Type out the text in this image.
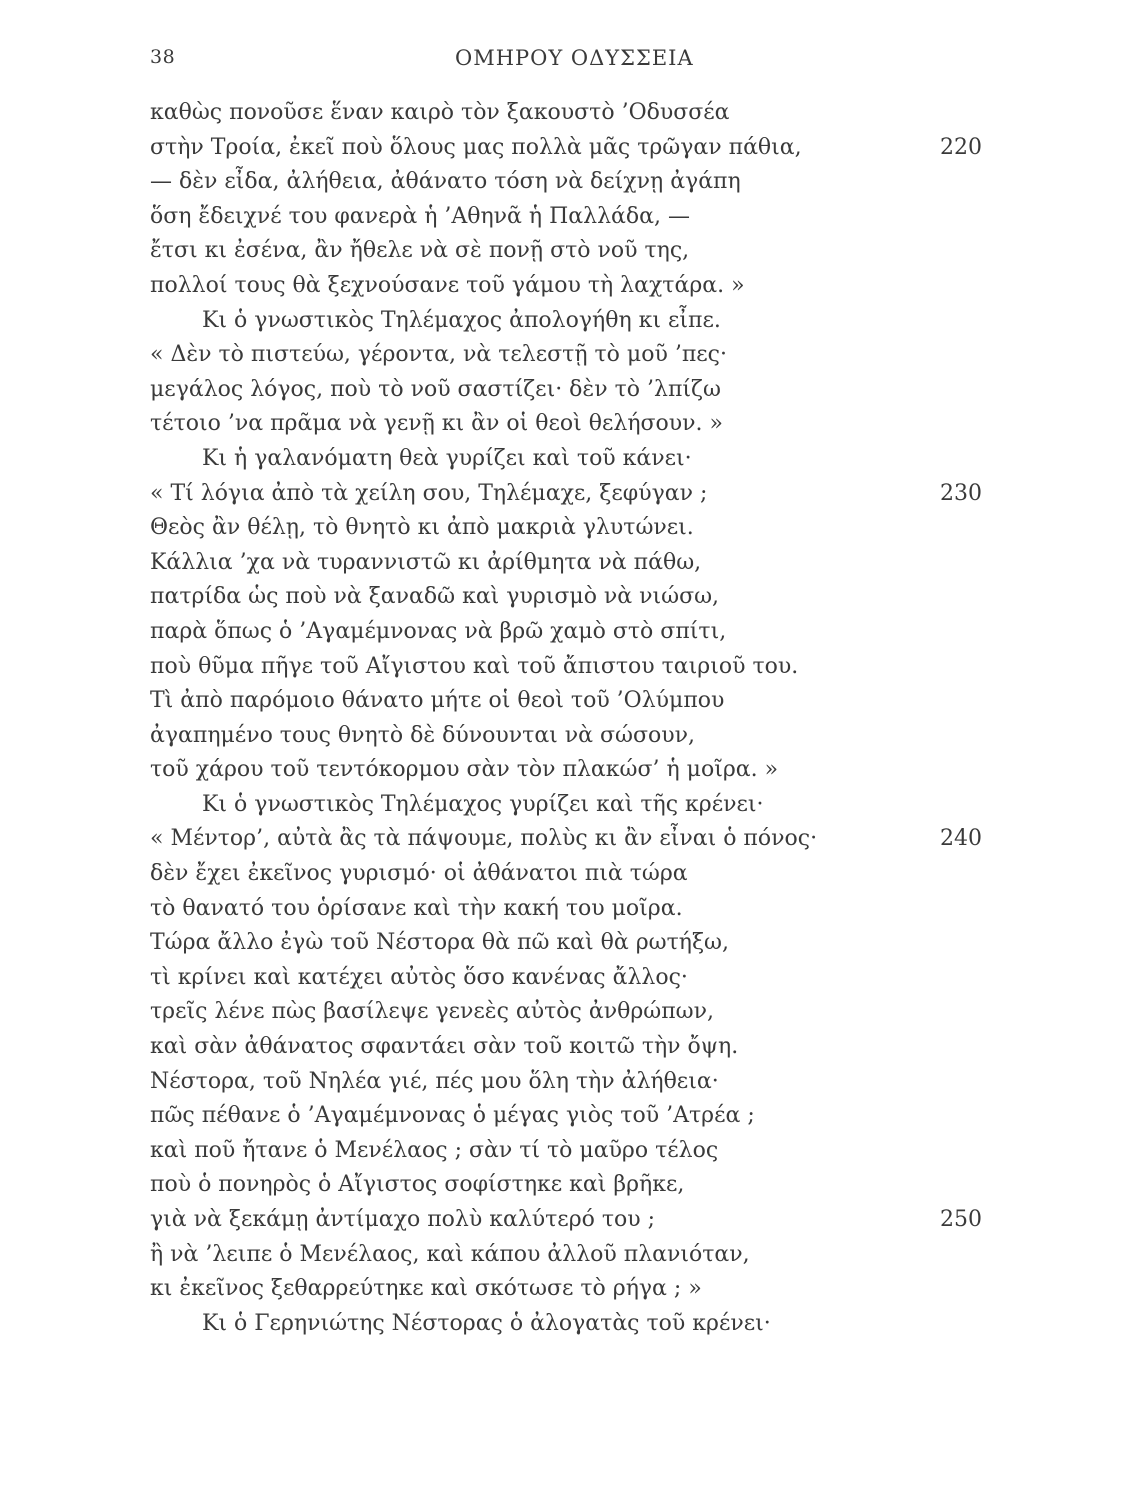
38	ΟΜΗΡΟΥ ΟΔΥΣΣΕΙΑ
καθὼς πονοῦσε ἕναν καιρὸ τὸν ξακουστὸ ’Οδυσσέα
στὴν Τροία, ἐκεῖ ποὺ ὅλους μας πολλὰ μᾶς τρῶγαν πάθια,	220
— δὲν εἶδα, ἀλήθεια, ἀθάνατο τόση νὰ δείχνῃ ἀγάπη
ὅση ἔδειχνέ του φανερὰ ἡ ’Αθηνᾶ ἡ Παλλάδα, —
ἔτσι κι ἐσένα, ἂν ἤθελε νὰ σὲ πονῇ στὸ νοῦ της,
πολλοί τους θὰ ξεχνούσανε τοῦ γάμου τὴ λαχτάρα. »
Κι ὁ γνωστικὸς Τηλέμαχος ἀπολογήθη κι εἶπε.
« Δὲν τὸ πιστεύω, γέροντα, νὰ τελεστῇ τὸ μοῦ ’πες·
μεγάλος λόγος, ποὺ τὸ νοῦ σαστίζει· δὲν τὸ ’λπίζω
τέτοιο ’να πρᾶμα νὰ γενῇ κι ἂν οἱ θεοὶ θελήσουν. »
Κι ἡ γαλανόματη θεὰ γυρίζει καὶ τοῦ κάνει·
« Τί λόγια ἀπὸ τὰ χείλη σου, Τηλέμαχε, ξεφύγαν ;	230
Θεὸς ἂν θέλῃ, τὸ θνητὸ κι ἀπὸ μακριὰ γλυτώνει.
Κάλλια ’χα νὰ τυραννιστῶ κι ἀρίθμητα νὰ πάθω,
πατρίδα ὡς ποὺ νὰ ξαναδῶ καὶ γυρισμὸ νὰ νιώσω,
παρὰ ὅπως ὁ ’Αγαμέμνονας νὰ βρῶ χαμὸ στὸ σπίτι,
ποὺ θῦμα πῆγε τοῦ Αἴγιστου καὶ τοῦ ἄπιστου ταιριοῦ του.
Τὶ ἀπὸ παρόμοιο θάνατο μήτε οἱ θεοὶ τοῦ ’Ολύμπου
ἀγαπημένο τους θνητὸ δὲ δύνουνται νὰ σώσουν,
τοῦ χάρου τοῦ τεντόκορμου σὰν τὸν πλακώσ’ ἡ μοῖρα. »
Κι ὁ γνωστικὸς Τηλέμαχος γυρίζει καὶ τῆς κρένει·
« Μέντορ’, αὐτὰ ἂς τὰ πάψουμε, πολὺς κι ἂν εἶναι ὁ πόνος·	240
δὲν ἔχει ἐκεῖνος γυρισμό· οἱ ἀθάνατοι πιὰ τώρα
τὸ θανατό του ὁρίσανε καὶ τὴν κακή του μοῖρα.
Τώρα ἄλλο ἐγὼ τοῦ Νέστορα θὰ πῶ καὶ θὰ ρωτήξω,
τὶ κρίνει καὶ κατέχει αὐτὸς ὅσο κανένας ἄλλος·
τρεῖς λένε πὼς βασίλεψε γενεὲς αὐτὸς ἀνθρώπων,
καὶ σὰν ἀθάνατος σφαντάει σὰν τοῦ κοιτῶ τὴν ὄψη.
Νέστορα, τοῦ Νηλέα γιέ, πές μου ὅλη τὴν ἀλήθεια·
πῶς πέθανε ὁ ’Αγαμέμνονας ὁ μέγας γιὸς τοῦ ’Ατρέα ;
καὶ ποῦ ἤτανε ὁ Μενέλαος ; σὰν τί τὸ μαῦρο τέλος
ποὺ ὁ πονηρὸς ὁ Αἴγιστος σοφίστηκε καὶ βρῆκε,
γιὰ νὰ ξεκάμῃ ἀντίμαχο πολὺ καλύτερό του ;	250
ἢ νὰ ’λειπε ὁ Μενέλαος, καὶ κάπου ἀλλοῦ πλανιόταν,
κι ἐκεῖνος ξεθαρρεύτηκε καὶ σκότωσε τὸ ρήγα ; »
Κι ὁ Γερηνιώτης Νέστορας ὁ ἀλογατὰς τοῦ κρένει·
